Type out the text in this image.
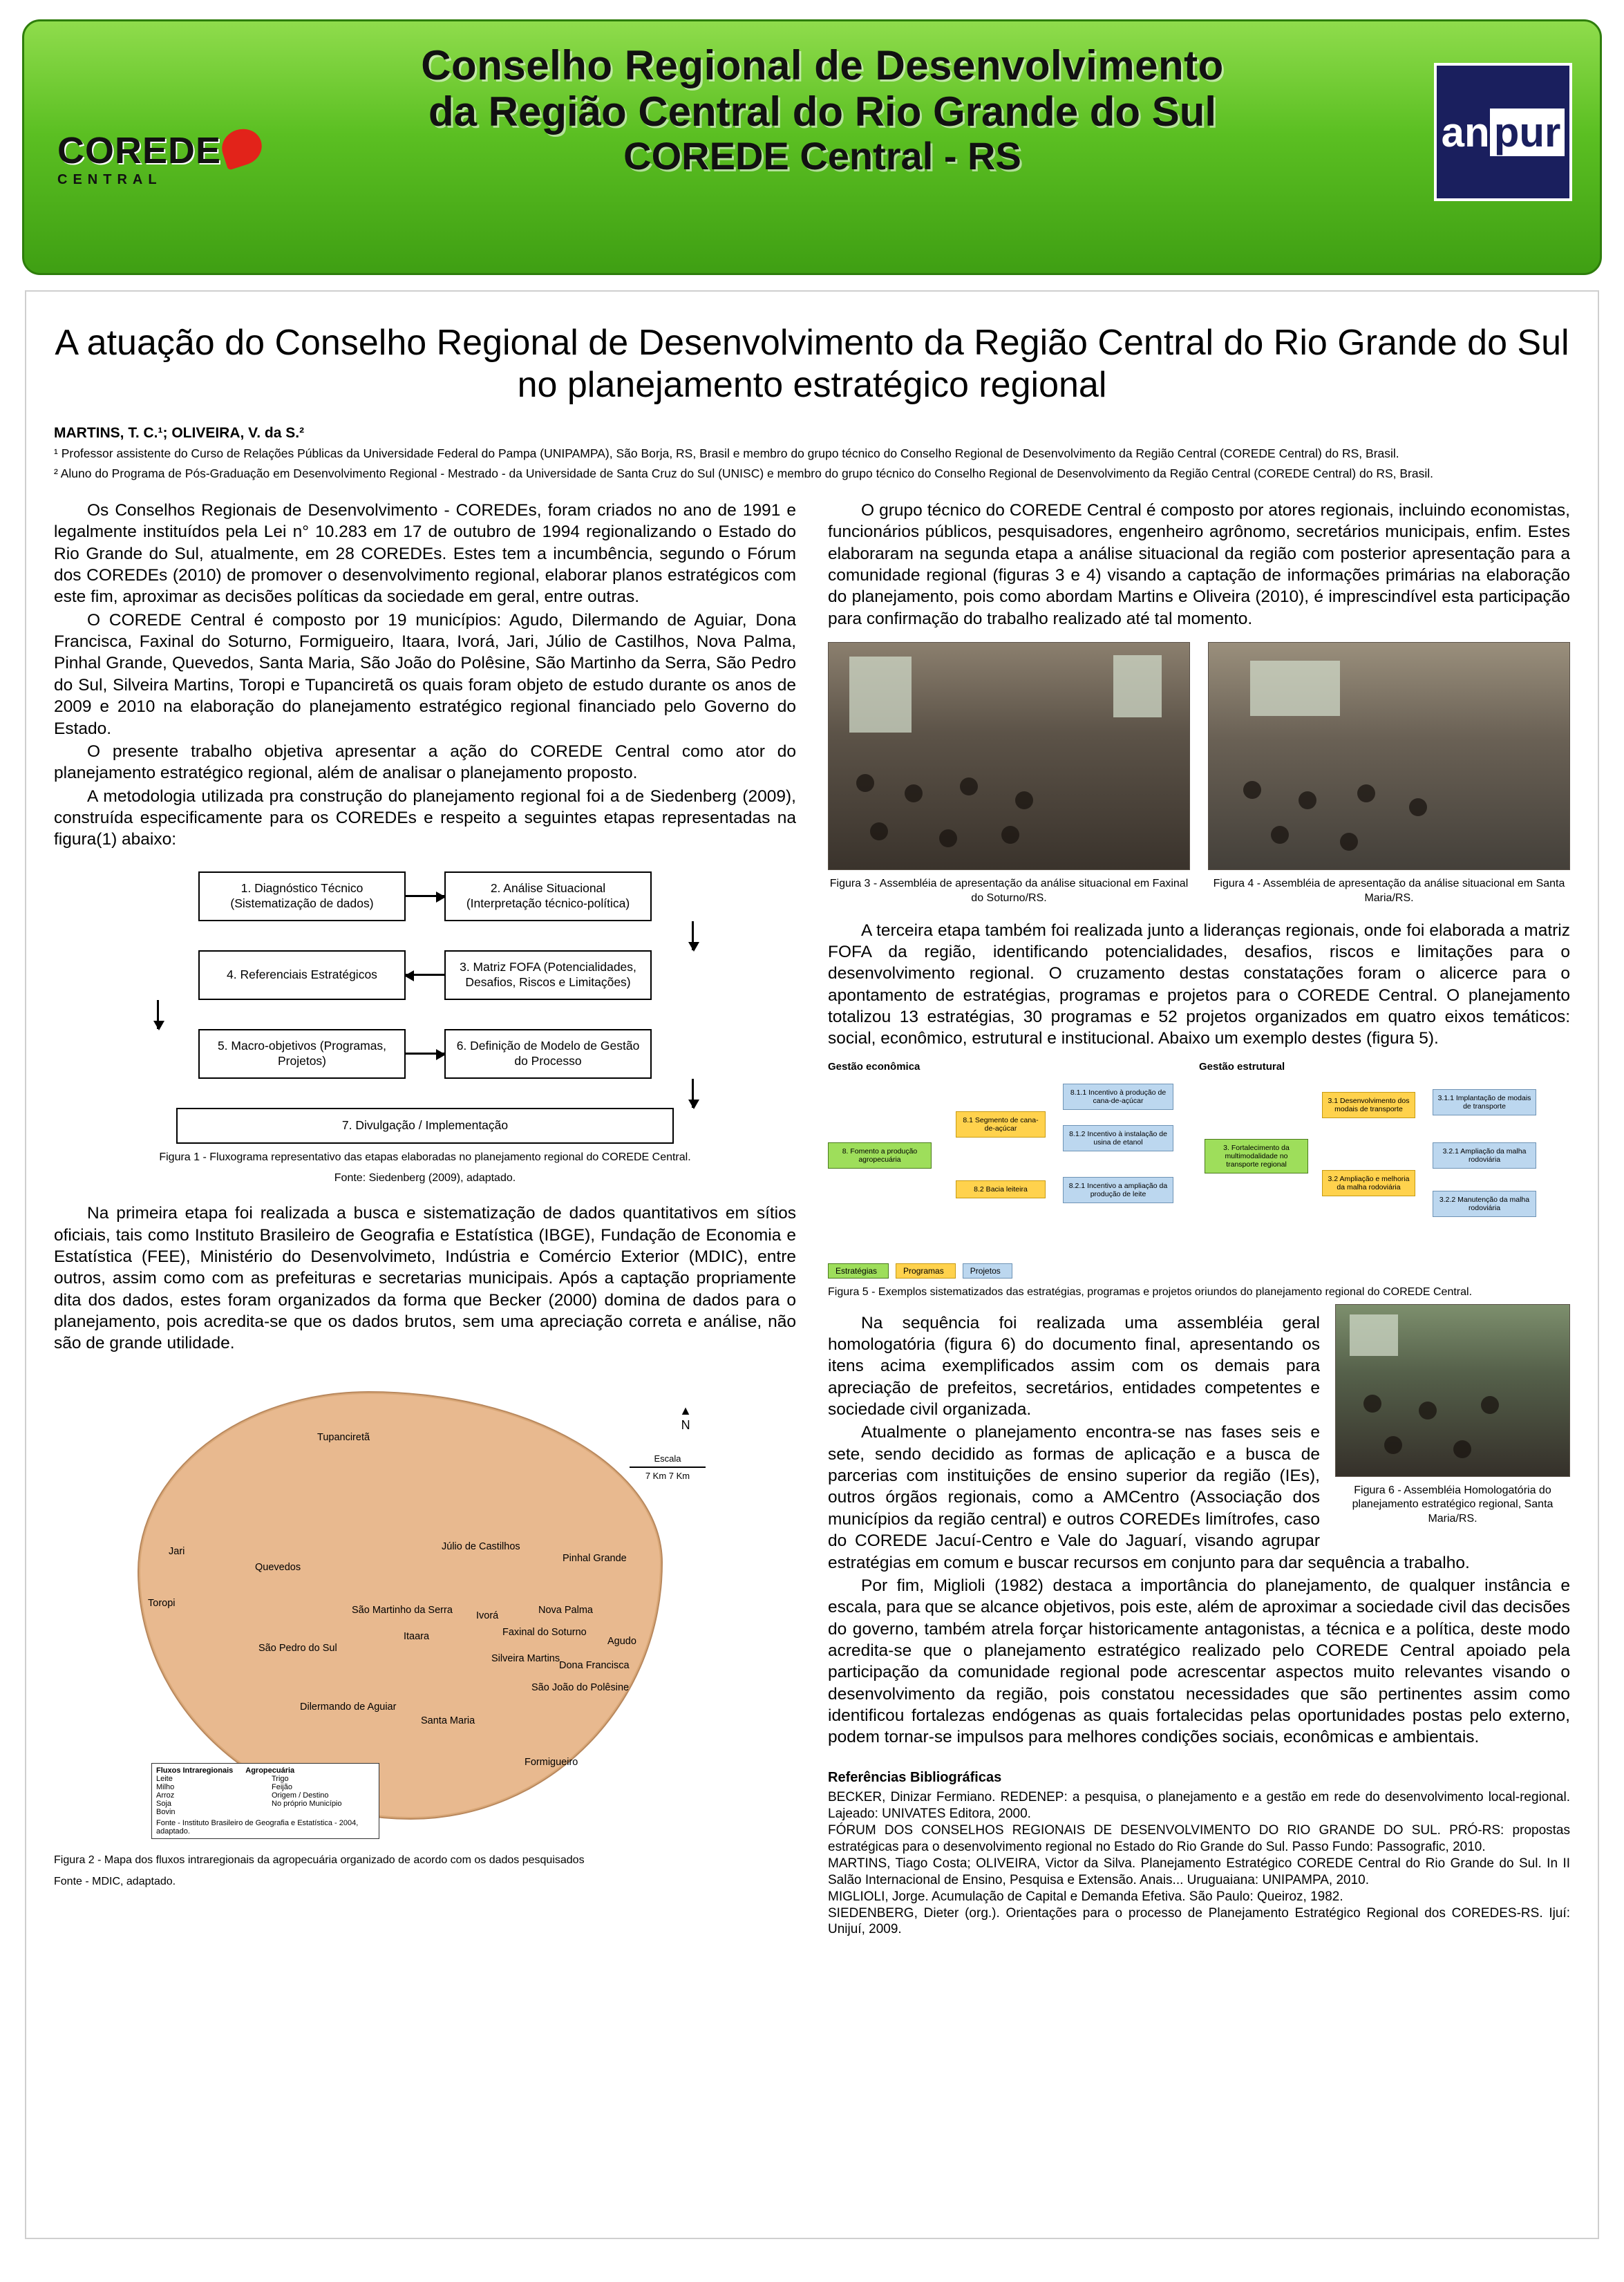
COREDE
CENTRAL
Conselho Regional de Desenvolvimento
da Região Central do Rio Grande do Sul
COREDE Central - RS
an pur
A atuação do Conselho Regional de Desenvolvimento da Região Central do Rio Grande do Sul no planejamento estratégico regional
MARTINS, T. C.¹; OLIVEIRA, V. da S.²
¹ Professor assistente do Curso de Relações Públicas da Universidade Federal do Pampa (UNIPAMPA), São Borja, RS, Brasil e membro do grupo técnico do Conselho Regional de Desenvolvimento da Região Central (COREDE Central) do RS, Brasil.
² Aluno do Programa de Pós-Graduação em Desenvolvimento Regional - Mestrado - da Universidade de Santa Cruz do Sul (UNISC) e membro do grupo técnico do Conselho Regional de Desenvolvimento da Região Central (COREDE Central) do RS, Brasil.

Os Conselhos Regionais de Desenvolvimento - COREDEs, foram criados no ano de 1991 e legalmente instituídos pela Lei n° 10.283 em 17 de outubro de 1994 regionalizando o Estado do Rio Grande do Sul, atualmente, em 28 COREDEs. Estes tem a incumbência, segundo o Fórum dos COREDEs (2010) de promover o desenvolvimento regional, elaborar planos estratégicos com este fim, aproximar as decisões políticas da sociedade em geral, entre outras.

O COREDE Central é composto por 19 municípios: Agudo, Dilermando de Aguiar, Dona Francisca, Faxinal do Soturno, Formigueiro, Itaara, Ivorá, Jari, Júlio de Castilhos, Nova Palma, Pinhal Grande, Quevedos, Santa Maria, São João do Polêsine, São Martinho da Serra, São Pedro do Sul, Silveira Martins, Toropi e Tupanciretã os quais foram objeto de estudo durante os anos de 2009 e 2010 na elaboração do planejamento estratégico regional financiado pelo Governo do Estado.

O presente trabalho objetiva apresentar a ação do COREDE Central como ator do planejamento estratégico regional, além de analisar o planejamento proposto.

A metodologia utilizada pra construção do planejamento regional foi a de Siedenberg (2009), construída especificamente para os COREDEs e respeito a seguintes etapas representadas na figura(1) abaixo:

1. Diagnóstico Técnico (Sistematização de dados)
2. Análise Situacional (Interpretação técnico-política)
4. Referenciais Estratégicos
3. Matriz FOFA (Potencialidades, Desafios, Riscos e Limitações)
5. Macro-objetivos (Programas, Projetos)
6. Definição de Modelo de Gestão do Processo
7. Divulgação / Implementação
Figura 1 - Fluxograma representativo das etapas elaboradas no planejamento regional do COREDE Central.
Fonte: Siedenberg (2009), adaptado.

Na primeira etapa foi realizada a busca e sistematização de dados quantitativos em sítios oficiais, tais como Instituto Brasileiro de Geografia e Estatística (IBGE), Fundação de Economia e Estatística (FEE), Ministério do Desenvolvimeto, Indústria e Comércio Exterior (MDIC), entre outros, assim como com as prefeituras e secretarias municipais. Após a captação propriamente dita dos dados, estes foram organizados da forma que Becker (2000) domina de dados para o planejamento, pois acredita-se que os dados brutos, sem uma apreciação correta e análise, não são de grande utilidade.

▲
N
Escala
7 Km 7 Km
Tupanciretã
Jari
Quevedos
Júlio de Castilhos
Pinhal Grande
Nova Palma
Toropi
São Martinho da Serra Ivorá
Faxinal do Soturno
Silveira Martins
Agudo
São Pedro do Sul
Itaara
Dona Francisca
São João do Polêsine
Dilermando de Aguiar
Santa Maria
Formigueiro
Fluxos Intraregionais Agropecuária
Leite
Milho
Arroz
Soja
Bovin
Trigo
Feijão
Origem / Destino
No próprio Município
Fonte - Instituto Brasileiro de Geografia e Estatística - 2004, adaptado.
Figura 2 - Mapa dos fluxos intraregionais da agropecuária organizado de acordo com os dados pesquisados
Fonte - MDIC, adaptado.

O grupo técnico do COREDE Central é composto por atores regionais, incluindo economistas, funcionários públicos, pesquisadores, engenheiro agrônomo, secretários municipais, enfim. Estes elaboraram na segunda etapa a análise situacional da região com posterior apresentação para a comunidade regional (figuras 3 e 4) visando a captação de informações primárias na elaboração do planejamento, pois como abordam Martins e Oliveira (2010), é imprescindível esta participação para confirmação do trabalho realizado até tal momento.

Figura 3 - Assembléia de apresentação da análise situacional em Faxinal do Soturno/RS.
Figura 4 - Assembléia de apresentação da análise situacional em Santa Maria/RS.

A terceira etapa também foi realizada junto a lideranças regionais, onde foi elaborada a matriz FOFA da região, identificando potencialidades, desafios, riscos e limitações para o desenvolvimento regional. O cruzamento destas constatações foram o alicerce para o apontamento de estratégias, programas e projetos para o COREDE Central. O planejamento totalizou 13 estratégias, 30 programas e 52 projetos organizados em quatro eixos temáticos: social, econômico, estrutural e institucional. Abaixo um exemplo destes (figura 5).

Gestão econômica	Gestão estrutural
8. Fomento a produção agropecuária
8.1 Segmento de cana-de-açúcar
8.2 Bacia leiteira
8.1.1 Incentivo à produção de cana-de-açúcar
8.1.2 Incentivo à instalação de usina de etanol
8.2.1 Incentivo a ampliação da produção de leite
3. Fortalecimento da multimodalidade no transporte regional
3.1 Desenvolvimento dos modais de transporte
3.2 Ampliação e melhoria da malha rodoviária
3.1.1 Implantação de modais de transporte
3.2.1 Ampliação da malha rodoviária
3.2.2 Manutenção da malha rodoviária
Estratégias	Programas	Projetos
Figura 5 - Exemplos sistematizados das estratégias, programas e projetos oriundos do planejamento regional do COREDE Central.
Figura 6 - Assembléia Homologatória do planejamento estratégico regional, Santa Maria/RS.

Na sequência foi realizada uma assembléia geral homologatória (figura 6) do documento final, apresentando os itens acima exemplificados assim com os demais para apreciação de prefeitos, secretários, entidades competentes e sociedade civil organizada.

Atualmente o planejamento encontra-se nas fases seis e sete, sendo decidido as formas de aplicação e a busca de parcerias com instituições de ensino superior da região (IEs), outros órgãos regionais, como a AMCentro (Associação dos municípios da região central) e outros COREDEs limítrofes, caso do COREDE Jacuí-Centro e Vale do Jaguarí, visando agrupar estratégias em comum e buscar recursos em conjunto para dar sequência a trabalho.

Por fim, Miglioli (1982) destaca a importância do planejamento, de qualquer instância e escala, para que se alcance objetivos, pois este, além de aproximar a sociedade civil das decisões do governo, também atrela forçar historicamente antagonistas, a técnica e a política, deste modo acredita-se que o planejamento estratégico realizado pelo COREDE Central apoiado pela participação da comunidade regional pode acrescentar aspectos muito relevantes visando o desenvolvimento da região, pois constatou necessidades que são pertinentes assim como identificou fortalezas endógenas as quais fortalecidas pelas oportunidades postas pelo externo, podem tornar-se impulsos para melhores condições sociais, econômicas e ambientais.

Referências Bibliográficas

BECKER, Dinizar Fermiano. REDENEP: a pesquisa, o planejamento e a gestão em rede do desenvolvimento local-regional. Lajeado: UNIVATES Editora, 2000.

FÓRUM DOS CONSELHOS REGIONAIS DE DESENVOLVIMENTO DO RIO GRANDE DO SUL. PRÓ-RS: propostas estratégicas para o desenvolvimento regional no Estado do Rio Grande do Sul. Passo Fundo: Passografic, 2010.

MARTINS, Tiago Costa; OLIVEIRA, Victor da Silva. Planejamento Estratégico COREDE Central do Rio Grande do Sul. In II Salão Internacional de Ensino, Pesquisa e Extensão. Anais... Uruguaiana: UNIPAMPA, 2010.

MIGLIOLI, Jorge. Acumulação de Capital e Demanda Efetiva. São Paulo: Queiroz, 1982.

SIEDENBERG, Dieter (org.). Orientações para o processo de Planejamento Estratégico Regional dos COREDES-RS. Ijuí: Unijuí, 2009.
